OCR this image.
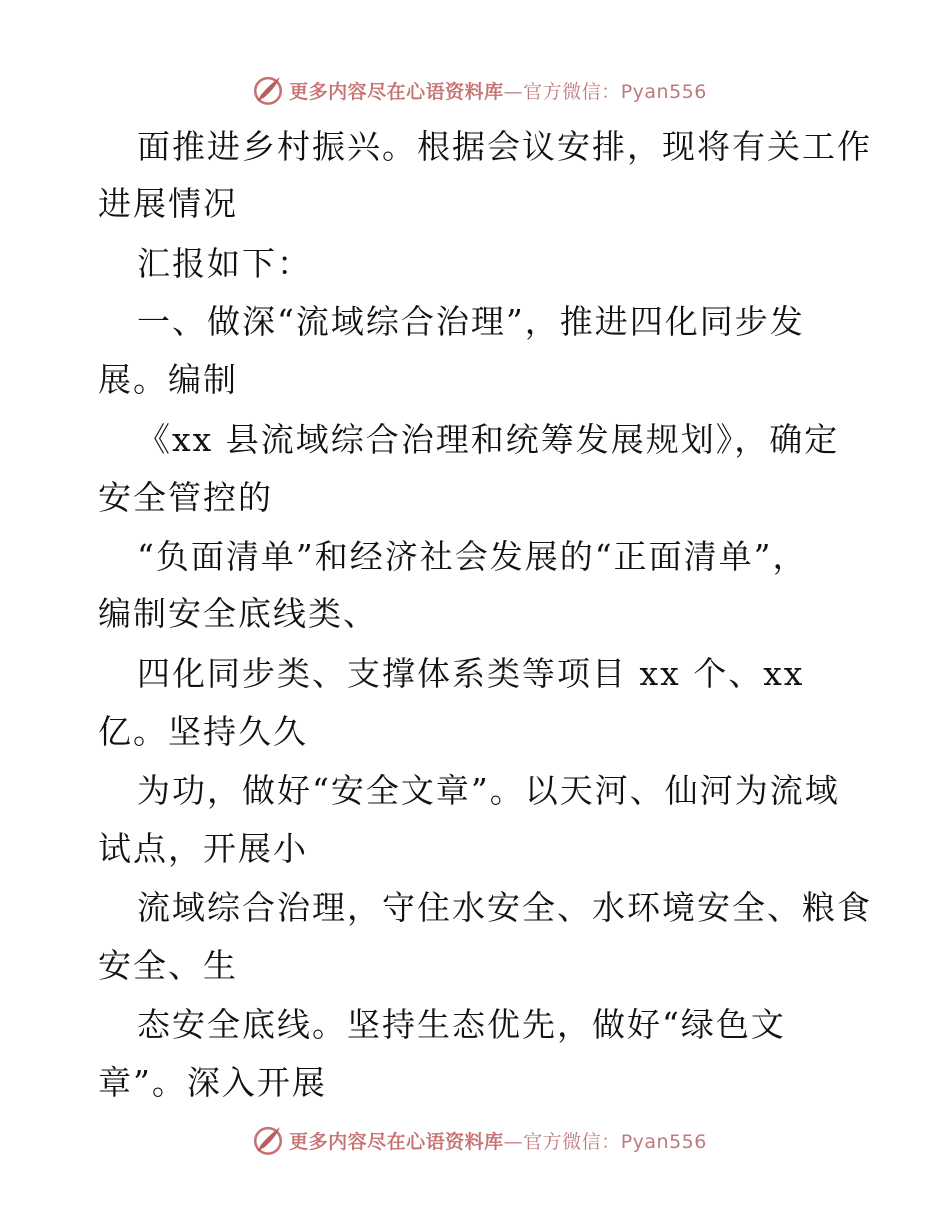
更多内容尽在心语资料库—官方微信：Pyan556
面推进乡村振兴。根据会议安排，现将有关工作
进展情况
汇报如下：
一、做深“流域综合治理”，推进四化同步发
展。编制
《xx 县流域综合治理和统筹发展规划》，确定
安全管控的
“负面清单”和经济社会发展的“正面清单”，
编制安全底线类、
四化同步类、支撑体系类等项目 xx 个、xx
亿。坚持久久
为功，做好“安全文章”。以天河、仙河为流域
试点，开展小
流域综合治理，守住水安全、水环境安全、粮食
安全、生
态安全底线。坚持生态优先，做好“绿色文
章”。深入开展
更多内容尽在心语资料库—官方微信：Pyan556
